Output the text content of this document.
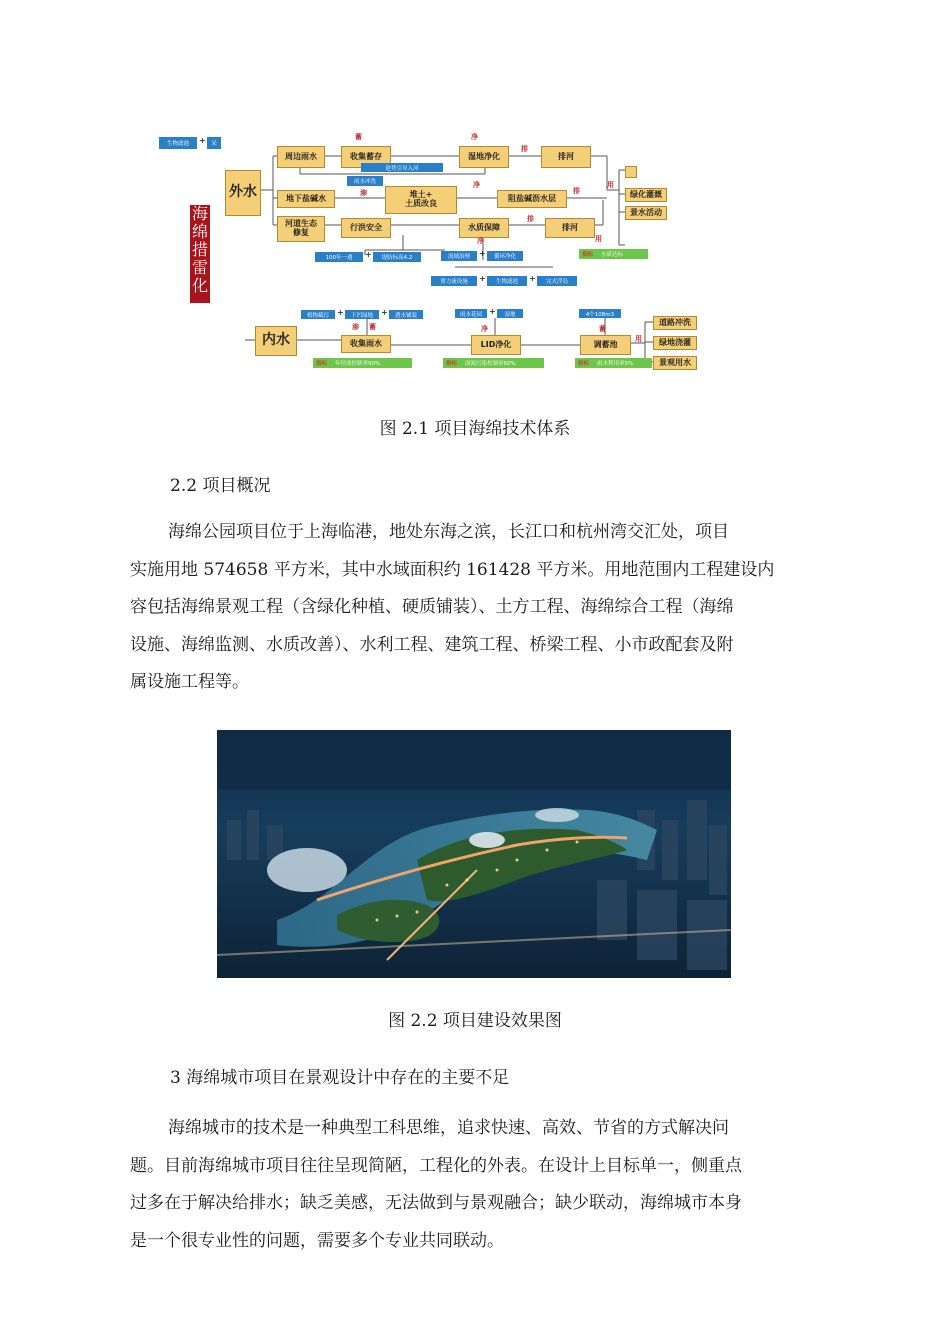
生物滤池	+	采
外水
周边雨水	收集蓄存	湿地净化	排河
趁势引导入河
雨水冲洗
地下盐碱水	堆土+
土质改良
阻盐碱沥水层
河道生态
修复
行洪安全	水质保障	排河
100年一遇	+	堤防标高4.2	流域治理	+	循环净化
重力流设施	+	生物滤池	+	完式浮岛
绿化灌溉
景水活动
指标 水质达标
内水
植物截污	+	下凹绿地	+	透水铺装
收集雨水
指标 年径流控制率90%
雨水花园 +	湿地
LID净化
指标 面源污染控制率60%
4个108m3
调蓄池
指标 雨水利用率5%
道路冲洗
绿地浇灌
景观用水
蓄	净
排
渗
净
排
用
排
净	用
渗 蓄	净	蓄
用
海
绵
措
雷
化
图 2.1 项目海绵技术体系
2.2 项目概况
海绵公园项目位于上海临港，地处东海之滨，长江口和杭州湾交汇处，项目
实施用地 574658 平方米，其中水域面积约 161428 平方米。用地范围内工程建设内
容包括海绵景观工程（含绿化种植、硬质铺装）、土方工程、海绵综合工程（海绵
设施、海绵监测、水质改善）、水利工程、建筑工程、桥梁工程、小市政配套及附
属设施工程等。
图 2.2 项目建设效果图
3 海绵城市项目在景观设计中存在的主要不足
海绵城市的技术是一种典型工科思维，追求快速、高效、节省的方式解决问
题。目前海绵城市项目往往呈现简陋，工程化的外表。在设计上目标单一，侧重点
过多在于解决给排水；缺乏美感，无法做到与景观融合；缺少联动，海绵城市本身
是一个很专业性的问题，需要多个专业共同联动。
